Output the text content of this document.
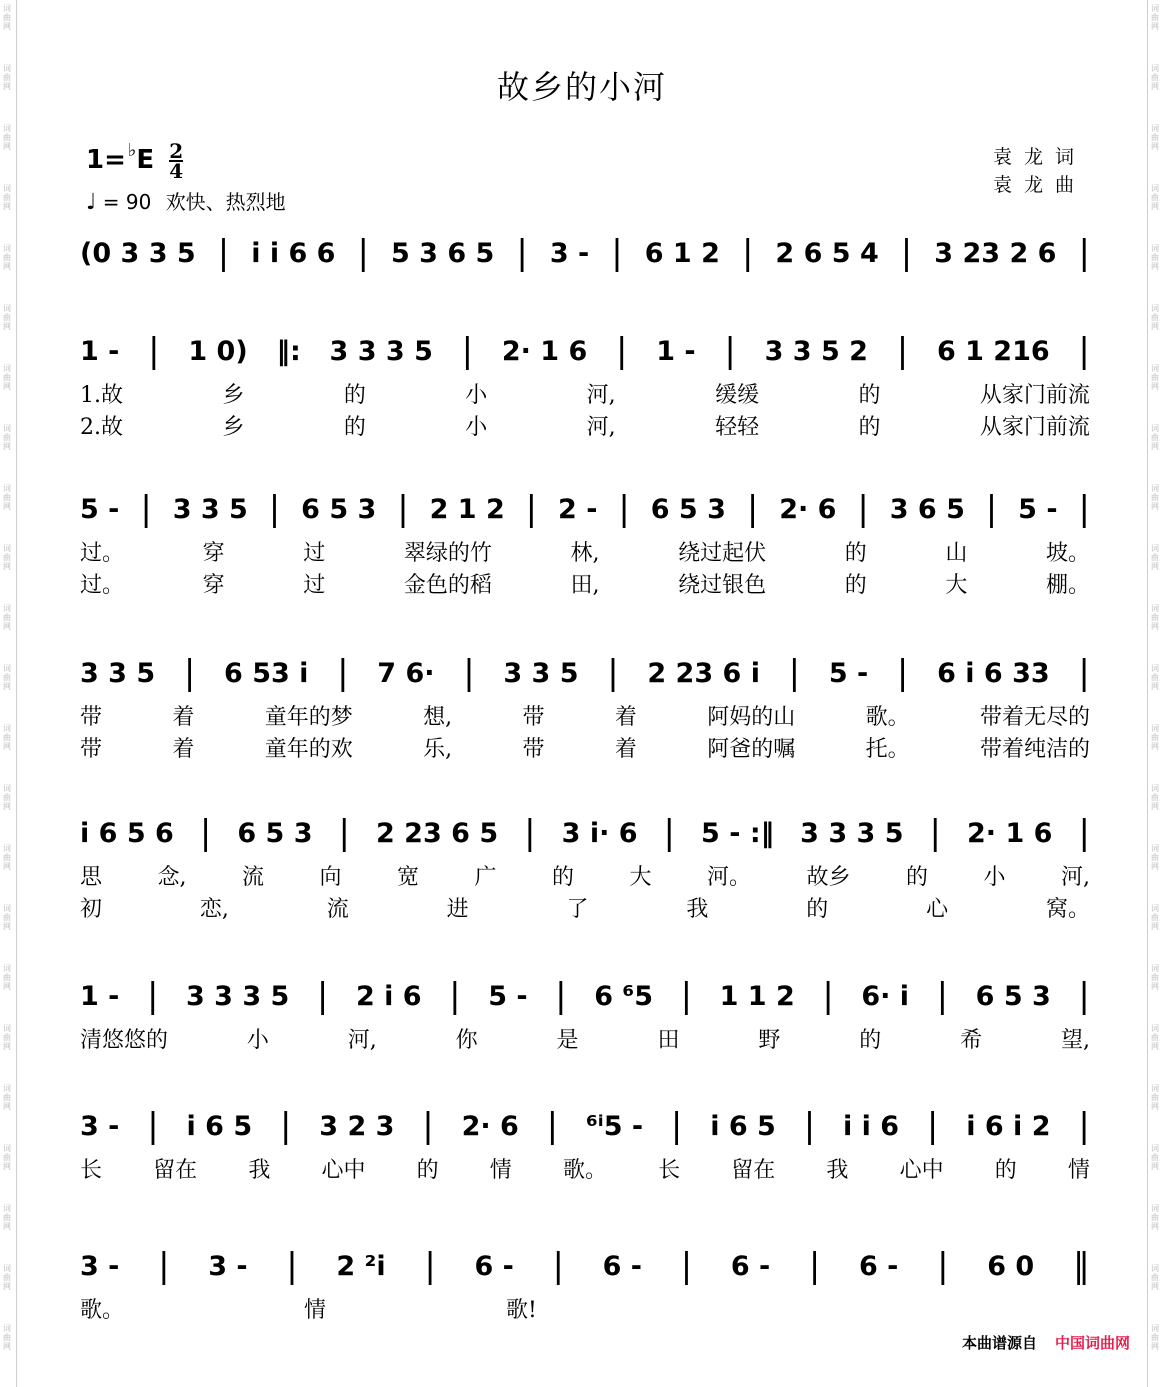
词曲网
词曲网
词曲网
词曲网
词曲网
词曲网
词曲网
词曲网
词曲网
词曲网
词曲网
词曲网
词曲网
词曲网
词曲网
词曲网
词曲网
词曲网
词曲网
词曲网
词曲网
词曲网
词曲网
词曲网
词曲网
词曲网
词曲网
词曲网
词曲网
词曲网
词曲网
词曲网
词曲网
词曲网
词曲网
词曲网
词曲网
词曲网
词曲网
词曲网
词曲网
词曲网
词曲网
词曲网
词曲网
词曲网
故乡的小河
$1= ^♭E \frac{2}{4}$
♩ = 90 欢快、热烈地
袁龙词
袁龙曲
(0 3 3 5 | i i 6 6 | 5 3 6 5 | 3 - | 6 1 2 | 2 6 5 4 | 3 23 2 6 |
1 - | 1 0) ‖: 3 3 3 5 | 2· 1 6 | 1 - | 3 3 5 2 | 6 1 216 |
1.故	乡	的	小	河,	缓缓	的	从家门前流
2.故	乡	的	小	河,	轻轻	的	从家门前流
5 - | 3 3 5 | 6 5 3 | 2 1 2 | 2 - | 6 5 3 | 2· 6 | 3 6 5 | 5 - |
过。	穿	过	翠绿的竹	林,	绕过起伏	的	山	坡。
过。	穿	过	金色的稻	田,	绕过银色	的	大	棚。
3 3 5 | 6 53 i | 7 6· | 3 3 5 | 2 23 6 i | 5 - | 6 i 6 33 |
带	着	童年的梦	想,	带	着	阿妈的山	歌。	带着无尽的
带	着	童年的欢	乐,	带	着	阿爸的嘱	托。	带着纯洁的
i 6 5 6 | 6 5 3 | 2 23 6 5 | 3 i· 6 | 5 - :‖ 3 3 3 5 | 2· 1 6 |
思	念,	流	向	宽	广	的	大	河。	故乡	的	小	河,
初	恋,	流	进	了	我	的	心	窝。
1 - | 3 3 3 5 | 2 i 6 | 5 - | 6 ⁶5 | 1 1 2 | 6· i | 6 5 3 |
清悠悠的	小	河,	你	是	田	野	的	希	望,
3 - | i 6 5 | 3 2 3 | 2· 6 | ⁶ⁱ5 - | i 6 5 | i i 6 | i 6 i 2 |
长 留在 我 心中 的 情 歌。 长 留在 我 心中 的 情
3 - | 3 - | 2 ²i | 6 - | 6 - | 6 - | 6 - | 6 0 ‖
歌。	情	歌!
本曲谱源自 中国词曲网
